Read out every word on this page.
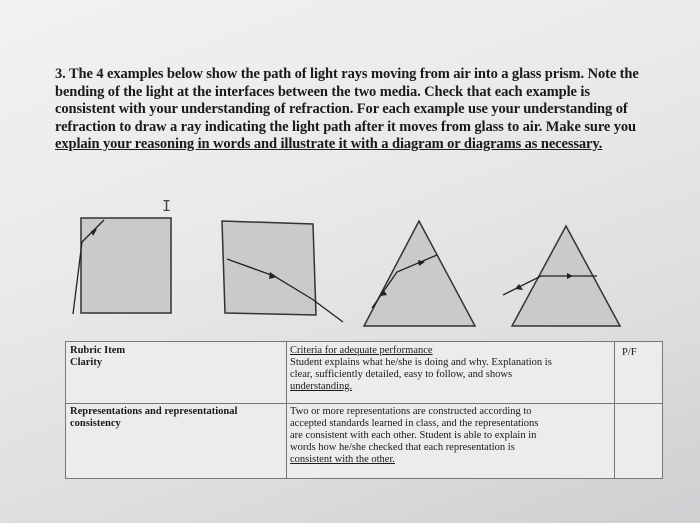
3. The 4 examples below show the path of light rays moving from air into a glass prism. Note the
bending of the light at the interfaces between the two media. Check that each example is
consistent with your understanding of refraction. For each example use your understanding of
refraction to draw a ray indicating the light path after it moves from glass to air. Make sure you
explain your reasoning in words and illustrate it with a diagram or diagrams as necessary.
I
Rubric Item
Clarity
Criteria for adequate performance
Student explains what he/she is doing and why. Explanation is
clear, sufficiently detailed, easy to follow, and shows
understanding.
P/F
Representations and representational
consistency
Two or more representations are constructed according to
accepted standards learned in class, and the representations
are consistent with each other. Student is able to explain in
words how he/she checked that each representation is
consistent with the other.
